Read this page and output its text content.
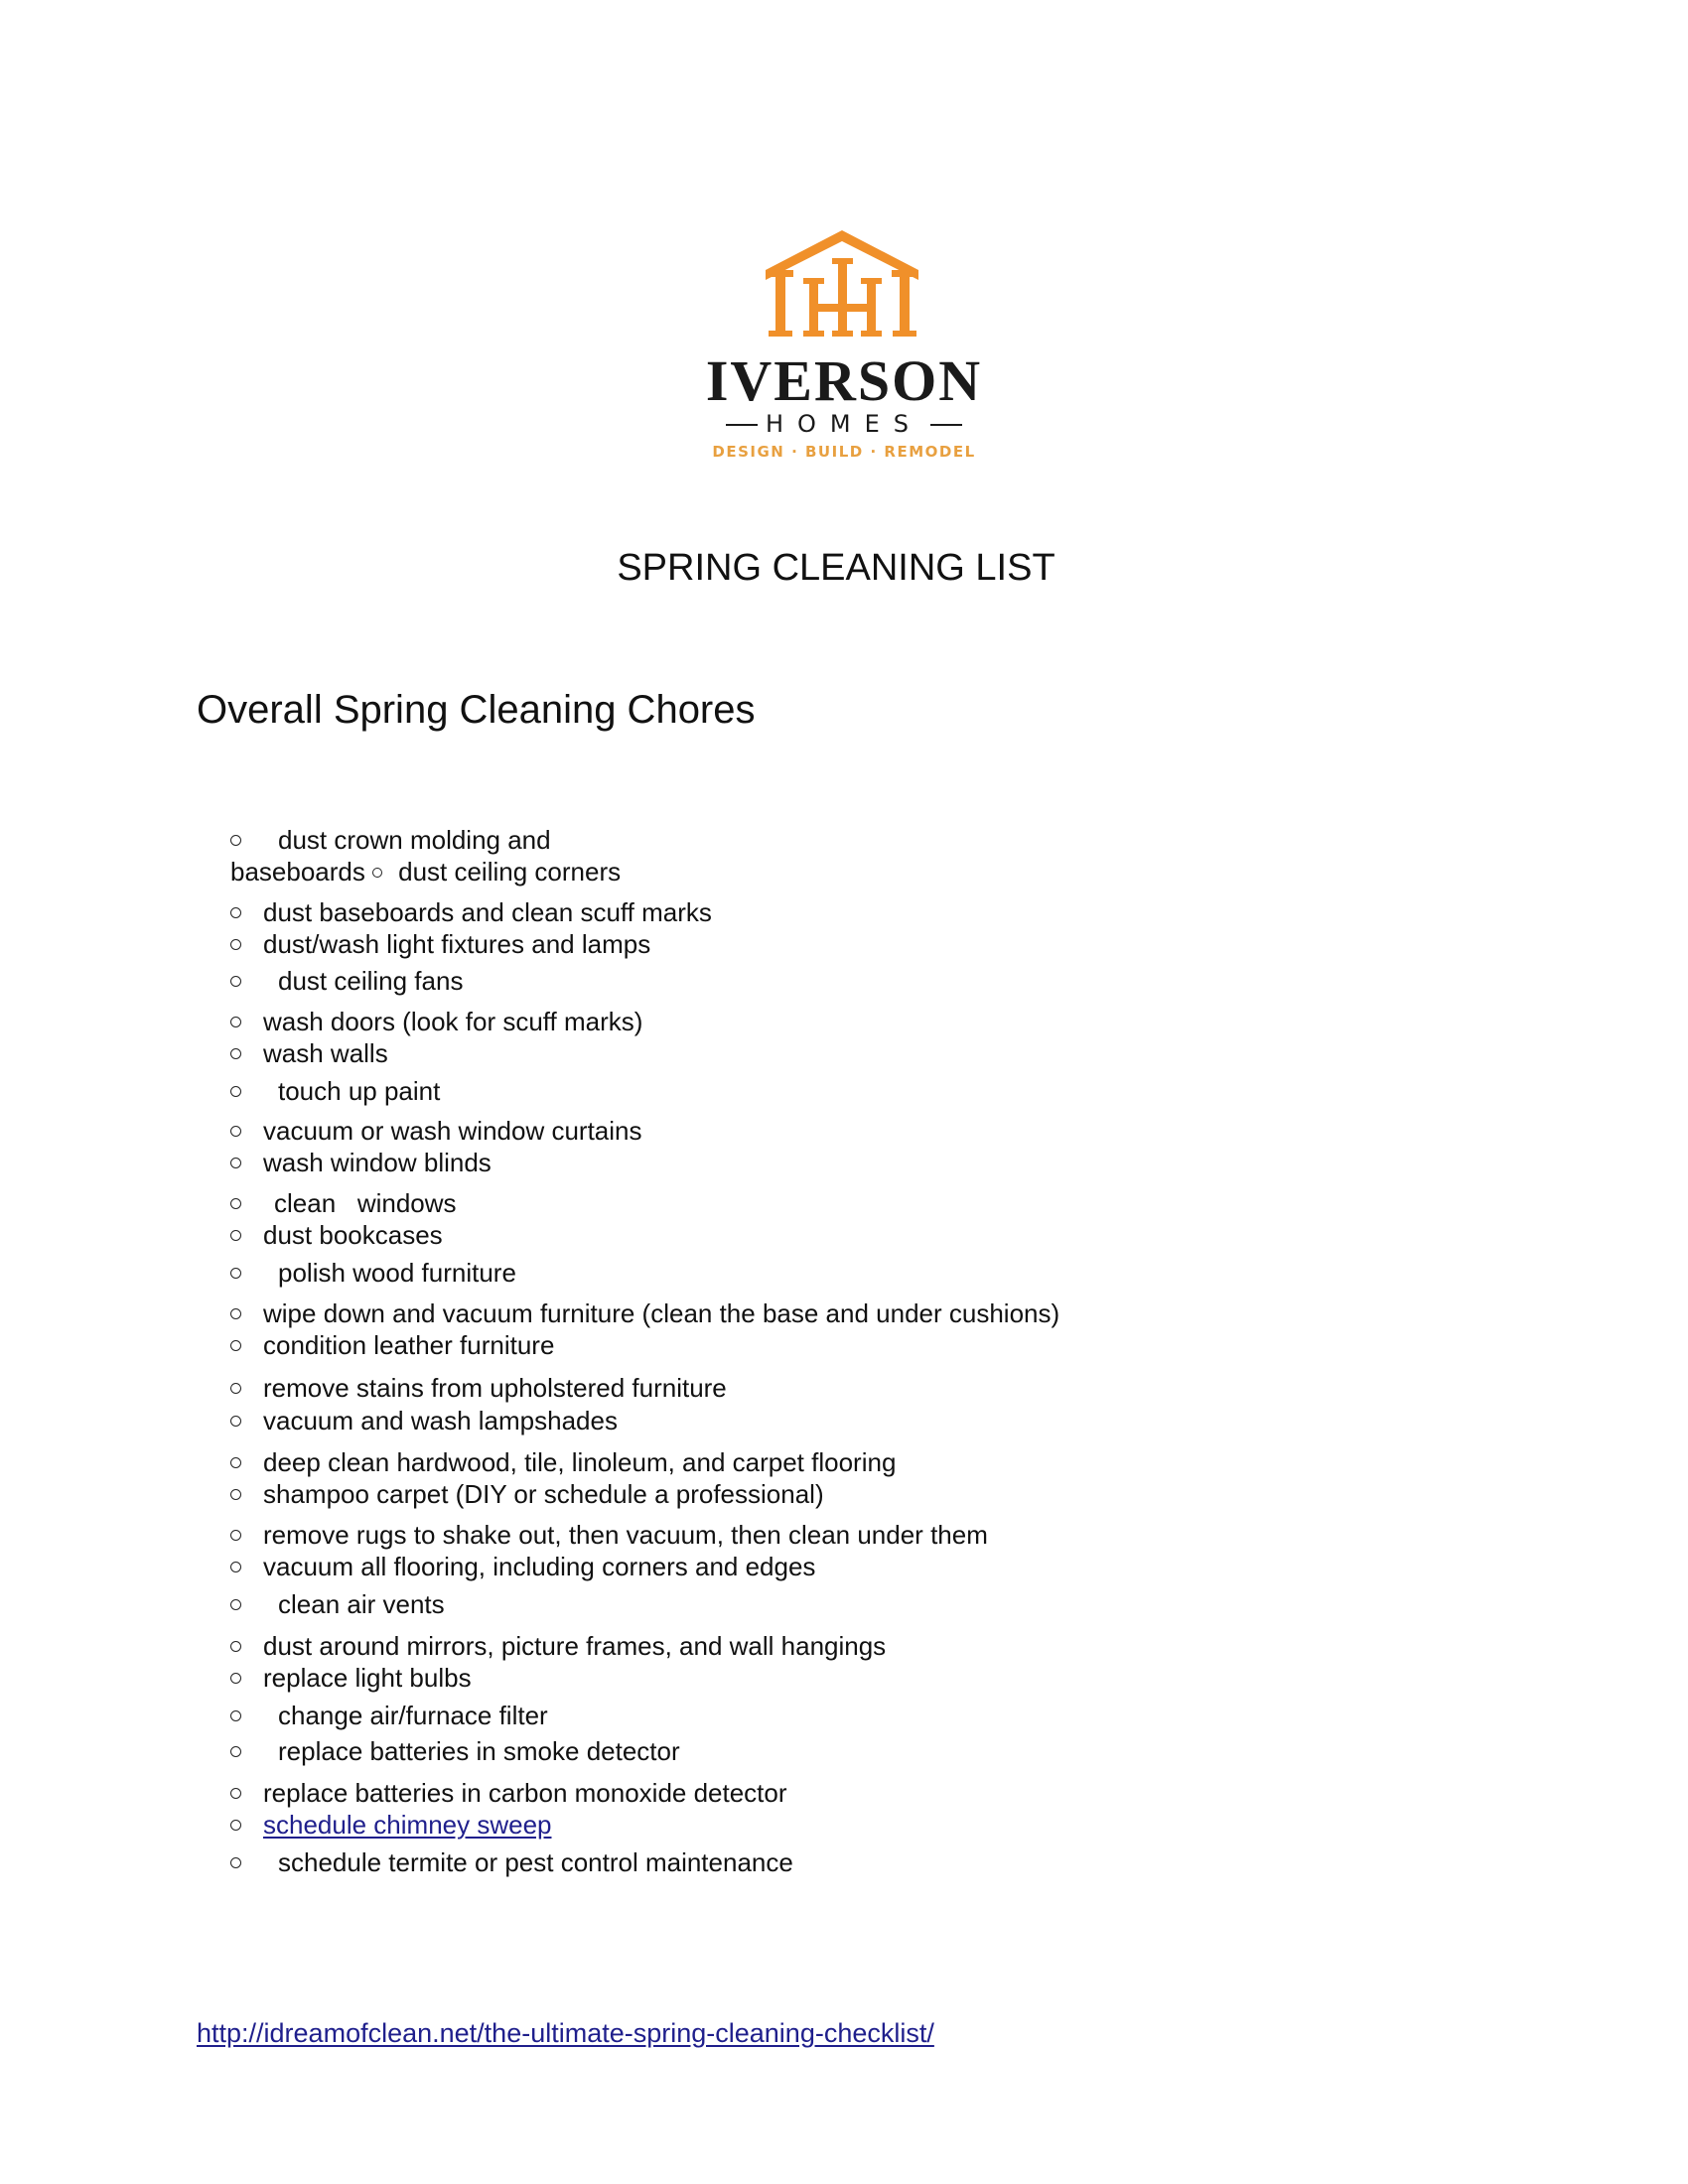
IVERSON
HOMES
DESIGN · BUILD · REMODEL
SPRING CLEANING LIST
Overall Spring Cleaning Chores
dust crown molding and
baseboards dust ceiling corners
dust baseboards and clean scuff marks
dust/wash light fixtures and lamps
dust ceiling fans
wash doors (look for scuff marks)
wash walls
touch up paint
vacuum or wash window curtains
wash window blinds
clean   windows
dust bookcases
polish wood furniture
wipe down and vacuum furniture (clean the base and under cushions)
condition leather furniture
remove stains from upholstered furniture
vacuum and wash lampshades
deep clean hardwood, tile, linoleum, and carpet flooring
shampoo carpet (DIY or schedule a professional)
remove rugs to shake out, then vacuum, then clean under them
vacuum all flooring, including corners and edges
clean air vents
dust around mirrors, picture frames, and wall hangings
replace light bulbs
change air/furnace filter
replace batteries in smoke detector
replace batteries in carbon monoxide detector
schedule chimney sweep
schedule termite or pest control maintenance
http://idreamofclean.net/the-ultimate-spring-cleaning-checklist/
